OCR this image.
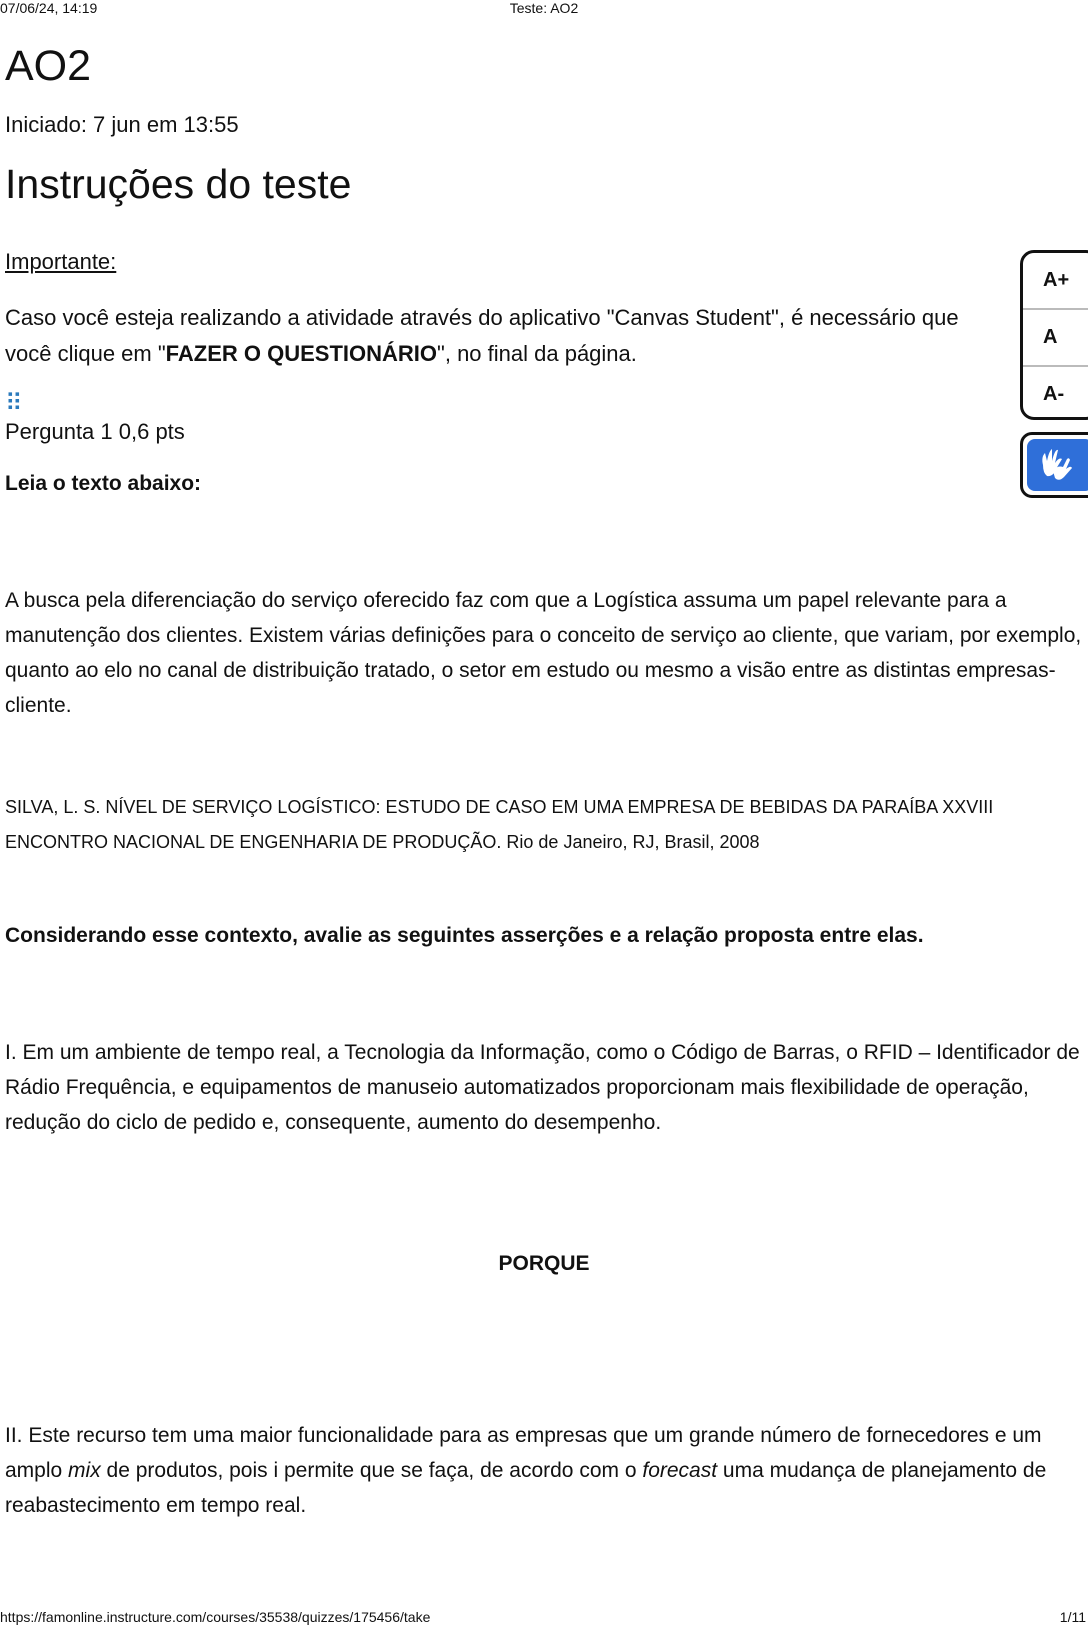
07/06/24, 14:19	Teste: AO2
AO2
Iniciado: 7 jun em 13:55
Instruções do teste
Importante:
Caso você esteja realizando a atividade através do aplicativo "Canvas Student", é necessário que você clique em "FAZER O QUESTIONÁRIO", no final da página.
⠿
Pergunta 1 0,6 pts
Leia o texto abaixo:
A busca pela diferenciação do serviço oferecido faz com que a Logística assuma um papel relevante para a manutenção dos clientes. Existem várias definições para o conceito de serviço ao cliente, que variam, por exemplo, quanto ao elo no canal de distribuição tratado, o setor em estudo ou mesmo a visão entre as distintas empresas-cliente.
SILVA, L. S. NÍVEL DE SERVIÇO LOGÍSTICO: ESTUDO DE CASO EM UMA EMPRESA DE BEBIDAS DA PARAÍBA XXVIII ENCONTRO NACIONAL DE ENGENHARIA DE PRODUÇÃO. Rio de Janeiro, RJ, Brasil, 2008
Considerando esse contexto, avalie as seguintes asserções e a relação proposta entre elas.
I. Em um ambiente de tempo real, a Tecnologia da Informação, como o Código de Barras, o RFID – Identificador de Rádio Frequência, e equipamentos de manuseio automatizados proporcionam mais flexibilidade de operação, redução do ciclo de pedido e, consequente, aumento do desempenho.
PORQUE
II. Este recurso tem uma maior funcionalidade para as empresas que um grande número de fornecedores e um amplo mix de produtos, pois i permite que se faça, de acordo com o forecast uma mudança de planejamento de reabastecimento em tempo real.
A+
A
A-
https://famonline.instructure.com/courses/35538/quizzes/175456/take	1/11
